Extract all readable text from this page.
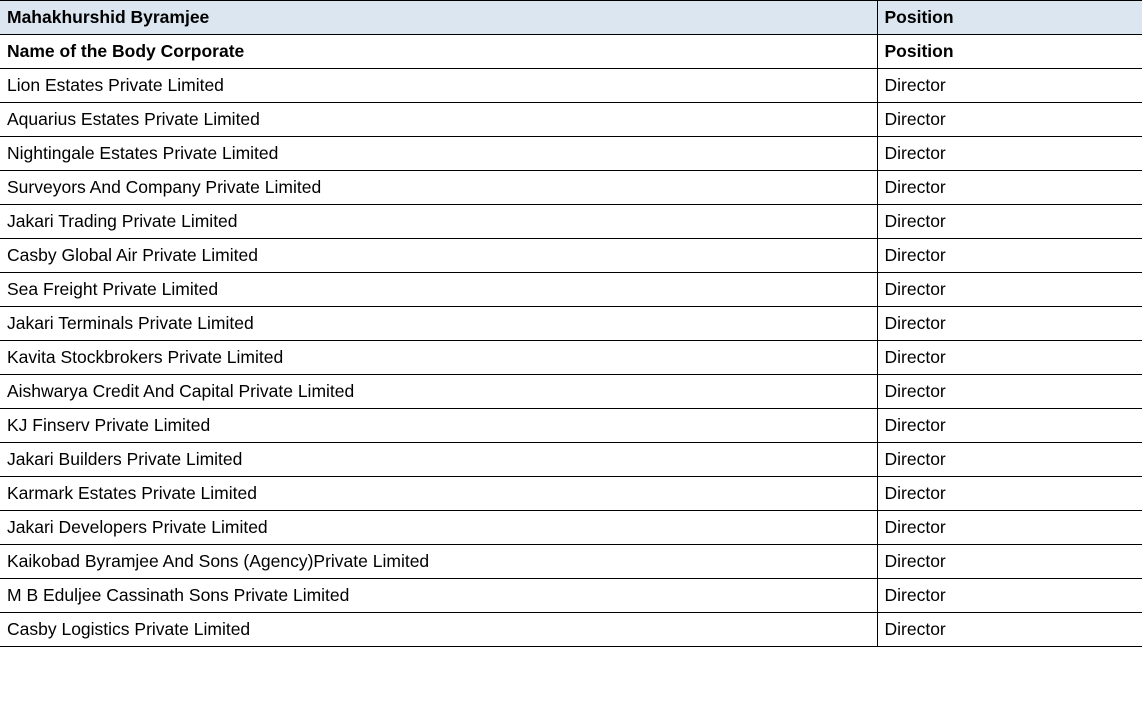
Mahakhurshid Byramjee	Position
Name of the Body Corporate	Position
Lion Estates Private Limited	Director
Aquarius Estates Private Limited	Director
Nightingale Estates Private Limited	Director
Surveyors And Company Private Limited	Director
Jakari Trading Private Limited	Director
Casby Global Air Private Limited	Director
Sea Freight Private Limited	Director
Jakari Terminals Private Limited	Director
Kavita Stockbrokers Private Limited	Director
Aishwarya Credit And Capital Private Limited	Director
KJ Finserv Private Limited	Director
Jakari Builders Private Limited	Director
Karmark Estates Private Limited	Director
Jakari Developers Private Limited	Director
Kaikobad Byramjee And Sons (Agency)Private Limited	Director
M B Eduljee Cassinath Sons Private Limited	Director
Casby Logistics Private Limited	Director
